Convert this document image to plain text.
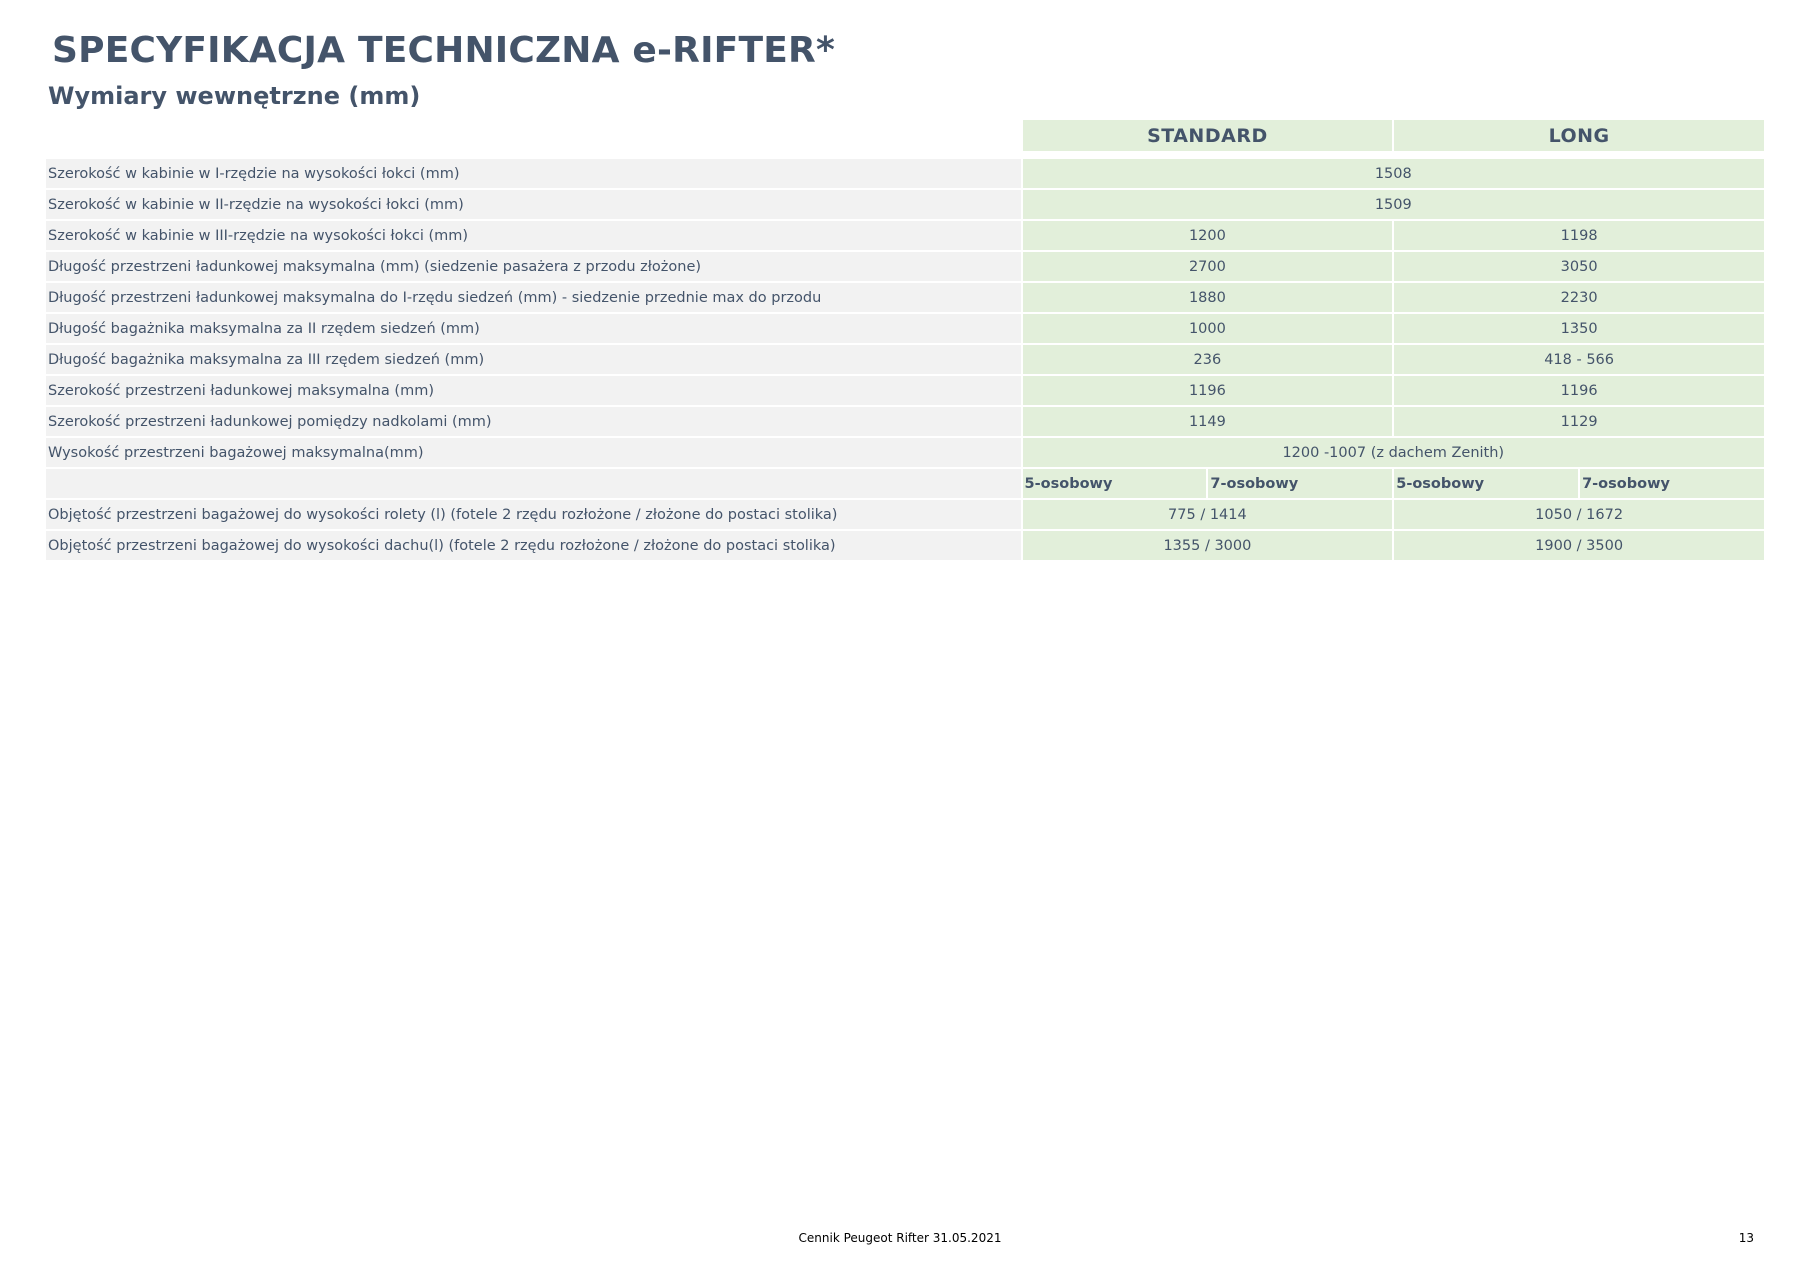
SPECYFIKACJA TECHNICZNA e-RIFTER*
Wymiary wewnętrzne (mm)
	STANDARD		LONG	

Szerokość w kabinie w I-rzędzie na wysokości łokci (mm)	1508			
Szerokość w kabinie w II-rzędzie na wysokości łokci (mm)	1509			
Szerokość w kabinie w III-rzędzie na wysokości łokci (mm)	1200		1198	
Długość przestrzeni ładunkowej maksymalna (mm) (siedzenie pasażera z przodu złożone)	2700		3050	
Długość przestrzeni ładunkowej maksymalna do I-rzędu siedzeń (mm) - siedzenie przednie max do przodu	1880		2230	
Długość bagażnika maksymalna za II rzędem siedzeń (mm)	1000		1350	
Długość bagażnika maksymalna za III rzędem siedzeń (mm)	236		418 - 566	
Szerokość przestrzeni ładunkowej maksymalna (mm)	1196		1196	
Szerokość przestrzeni ładunkowej pomiędzy nadkolami (mm)	1149		1129	
Wysokość przestrzeni bagażowej maksymalna(mm)	1200 -1007 (z dachem Zenith)			
	5-osobowy	7-osobowy	5-osobowy	7-osobowy
Objętość przestrzeni bagażowej do wysokości rolety (l) (fotele 2 rzędu rozłożone / złożone do postaci stolika)	775 / 1414		1050 / 1672	
Objętość przestrzeni bagażowej do wysokości dachu(l) (fotele 2 rzędu rozłożone / złożone do postaci stolika)	1355 / 3000		1900 / 3500	
Cennik Peugeot Rifter 31.05.2021	13
